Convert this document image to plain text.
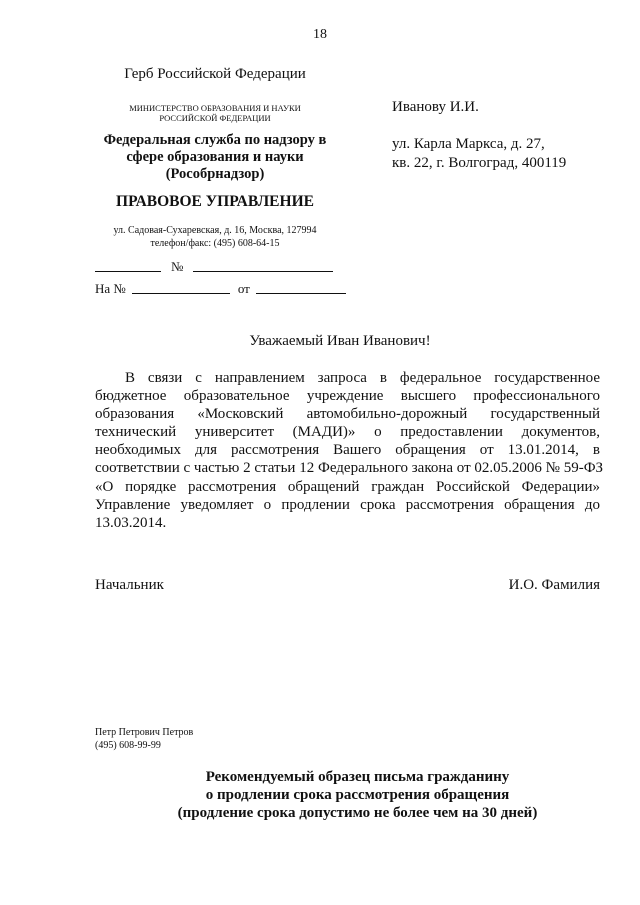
18
Герб Российской Федерации
МИНИСТЕРСТВО ОБРАЗОВАНИЯ И НАУКИ
РОССИЙСКОЙ ФЕДЕРАЦИИ
Федеральная служба по надзору в
сфере образования и науки
(Рособрнадзор)
ПРАВОВОЕ УПРАВЛЕНИЕ
ул. Садовая-Сухаревская, д. 16, Москва, 127994
телефон/факс: (495) 608-64-15
№
На №	от
Иванову И.И.
ул. Карла Маркса, д. 27,
кв. 22, г. Волгоград, 400119
Уважаемый Иван Иванович!
В связи с направлением запроса в федеральное государственное
бюджетное образовательное учреждение высшего профессионального
образования «Московский автомобильно-дорожный государственный
технический университет (МАДИ)» о предоставлении документов,
необходимых для рассмотрения Вашего обращения от 13.01.2014, в
соответствии с частью 2 статьи 12 Федерального закона от 02.05.2006 № 59-ФЗ
«О порядке рассмотрения обращений граждан Российской Федерации»
Управление уведомляет о продлении срока рассмотрения обращения до
13.03.2014.
Начальник	И.О. Фамилия
Петр Петрович Петров
(495) 608-99-99
Рекомендуемый образец письма гражданину
о продлении срока рассмотрения обращения
(продление срока допустимо не более чем на 30 дней)
